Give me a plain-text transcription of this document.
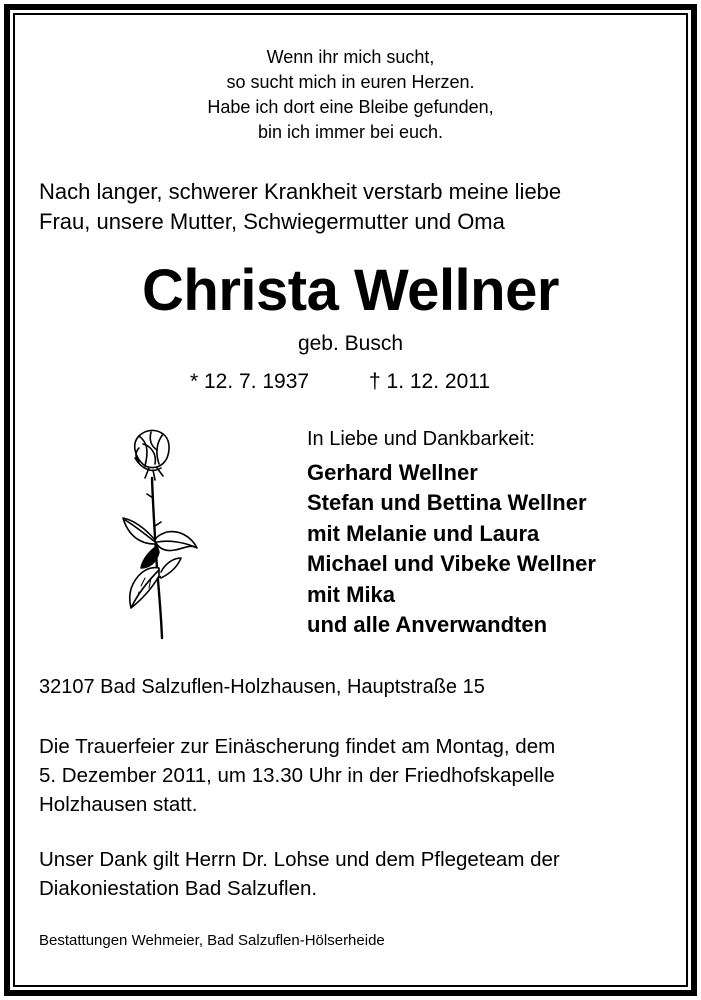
Wenn ihr mich sucht,
so sucht mich in euren Herzen.
Habe ich dort eine Bleibe gefunden,
bin ich immer bei euch.
Nach langer, schwerer Krankheit verstarb meine liebe
Frau, unsere Mutter, Schwiegermutter und Oma
Christa Wellner
geb. Busch
* 12. 7. 1937	† 1. 12. 2011
In Liebe und Dankbarkeit:
Gerhard Wellner
Stefan und Bettina Wellner
mit Melanie und Laura
Michael und Vibeke Wellner
mit Mika
und alle Anverwandten
32107 Bad Salzuflen-Holzhausen, Hauptstraße 15
Die Trauerfeier zur Einäscherung findet am Montag, dem
5. Dezember 2011, um 13.30 Uhr in der Friedhofskapelle
Holzhausen statt.
Unser Dank gilt Herrn Dr. Lohse und dem Pflegeteam der
Diakoniestation Bad Salzuflen.
Bestattungen Wehmeier, Bad Salzuflen-Hölserheide
